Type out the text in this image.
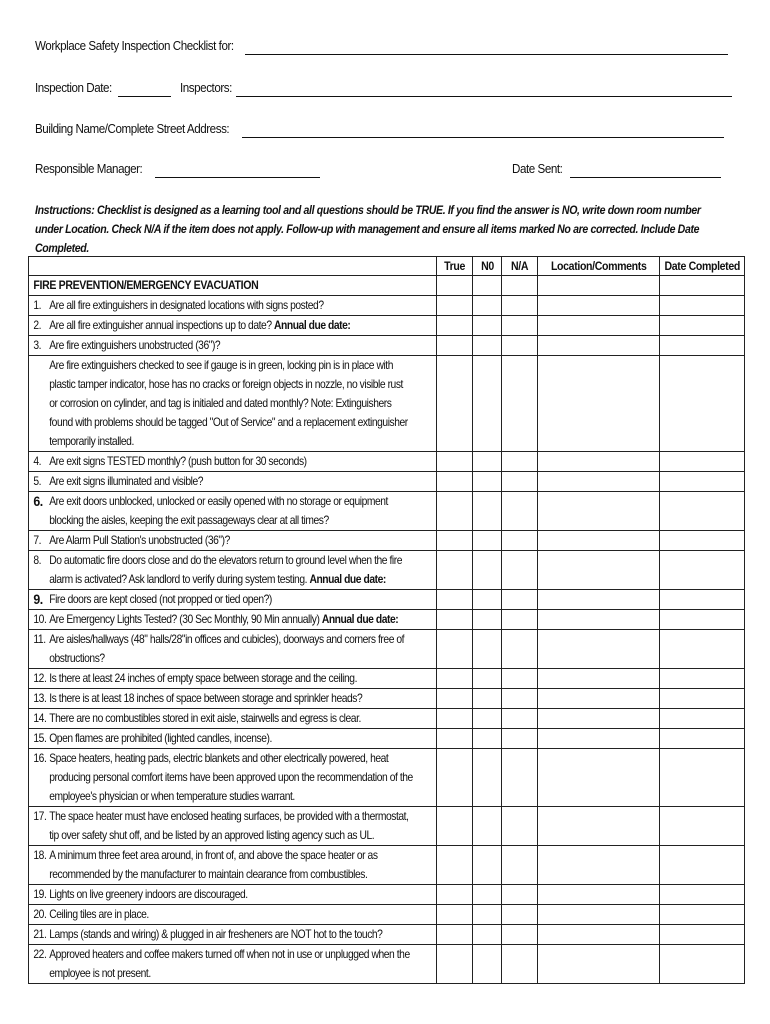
Workplace Safety Inspection Checklist for:
Inspection Date:	Inspectors:
Building Name/Complete Street Address:
Responsible Manager:	Date Sent:
Instructions: Checklist is designed as a learning tool and all questions should be TRUE. If you find the answer is NO, write down room number
under Location. Check N/A if the item does not apply. Follow-up with management and ensure all items marked No are corrected. Include Date
Completed.

	True	N0	N/A	Location/Comments	Date Completed

FIRE PREVENTION/EMERGENCY EVACUATION					

1. Are all fire extinguishers in designated locations with signs posted?					

2. Are all fire extinguisher annual inspections up to date? Annual due date:					

3. Are fire extinguishers unobstructed (36")?					

Are fire extinguishers checked to see if gauge is in green, locking pin is in place with
plastic tamper indicator, hose has no cracks or foreign objects in nozzle, no visible rust
or corrosion on cylinder, and tag is initialed and dated monthly? Note: Extinguishers
found with problems should be tagged "Out of Service" and a replacement extinguisher
temporarily installed.					

4. Are exit signs TESTED monthly? (push button for 30 seconds)					

5. Are exit signs illuminated and visible?					

6. Are exit doors unblocked, unlocked or easily opened with no storage or equipment
blocking the aisles, keeping the exit passageways clear at all times?					

7. Are Alarm Pull Station's unobstructed (36")?					

8. Do automatic fire doors close and do the elevators return to ground level when the fire
alarm is activated? Ask landlord to verify during system testing. Annual due date:					

9. Fire doors are kept closed (not propped or tied open?)					

10. Are Emergency Lights Tested? (30 Sec Monthly, 90 Min annually) Annual due date:					

11. Are aisles/hallways (48" halls/28"in offices and cubicles), doorways and corners free of
obstructions?					

12. Is there at least 24 inches of empty space between storage and the ceiling.					

13. Is there is at least 18 inches of space between storage and sprinkler heads?					

14. There are no combustibles stored in exit aisle, stairwells and egress is clear.					

15. Open flames are prohibited (lighted candles, incense).					

16. Space heaters, heating pads, electric blankets and other electrically powered, heat
producing personal comfort items have been approved upon the recommendation of the
employee's physician or when temperature studies warrant.					

17. The space heater must have enclosed heating surfaces, be provided with a thermostat,
tip over safety shut off, and be listed by an approved listing agency such as UL.					

18. A minimum three feet area around, in front of, and above the space heater or as
recommended by the manufacturer to maintain clearance from combustibles.					

19. Lights on live greenery indoors are discouraged.					

20. Ceiling tiles are in place.					

21. Lamps (stands and wiring) & plugged in air fresheners are NOT hot to the touch?					

22. Approved heaters and coffee makers turned off when not in use or unplugged when the
employee is not present.					
